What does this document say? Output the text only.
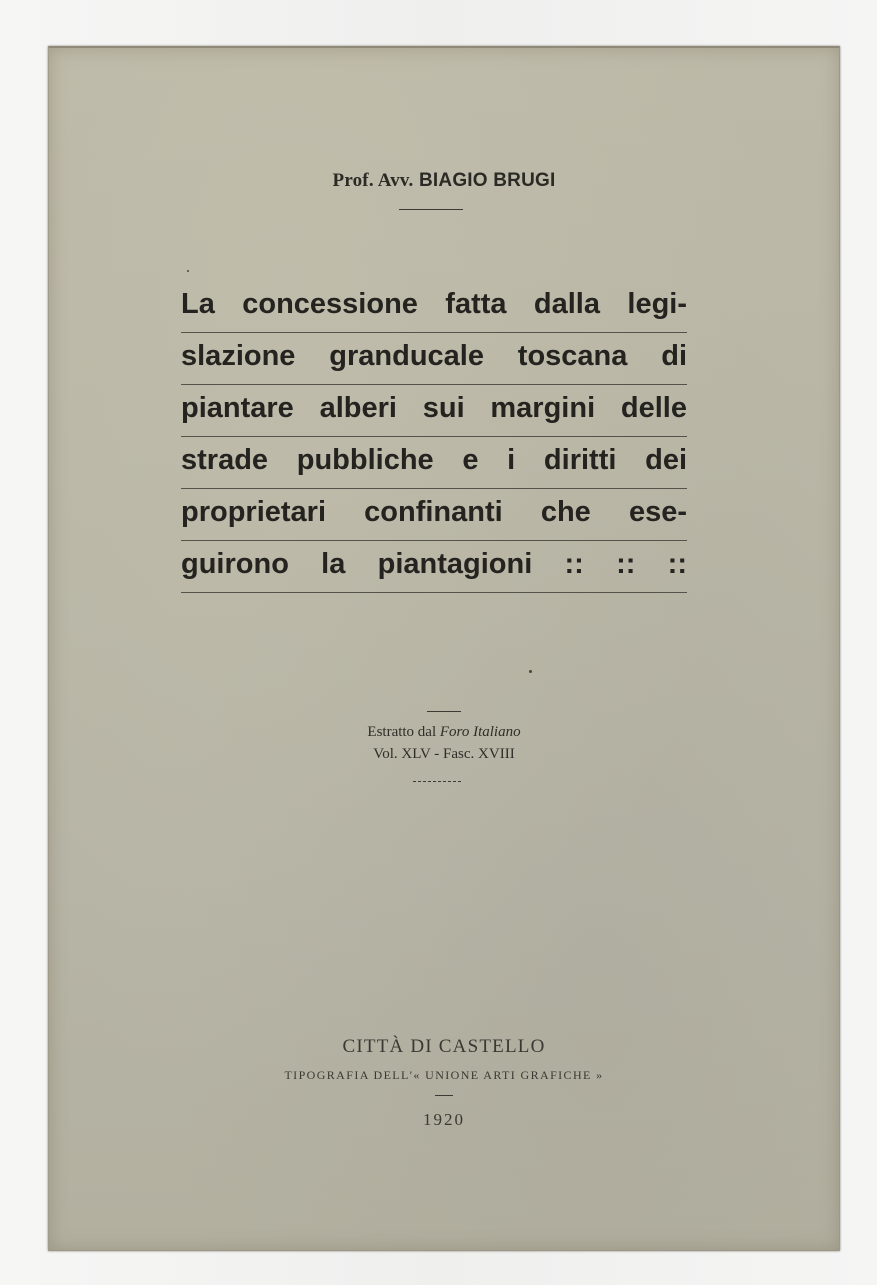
Prof. Avv. BIAGIO BRUGI
La concessione fatta dalla legi-
slazione granducale toscana di
piantare alberi sui margini delle
strade pubbliche e i diritti dei
proprietari confinanti che ese-
guirono la piantagioni :: :: ::
Estratto dal Foro Italiano
Vol. XLV - Fasc. XVIII
CITTÀ DI CASTELLO
TIPOGRAFIA DELL'« UNIONE ARTI GRAFICHE »
1920
